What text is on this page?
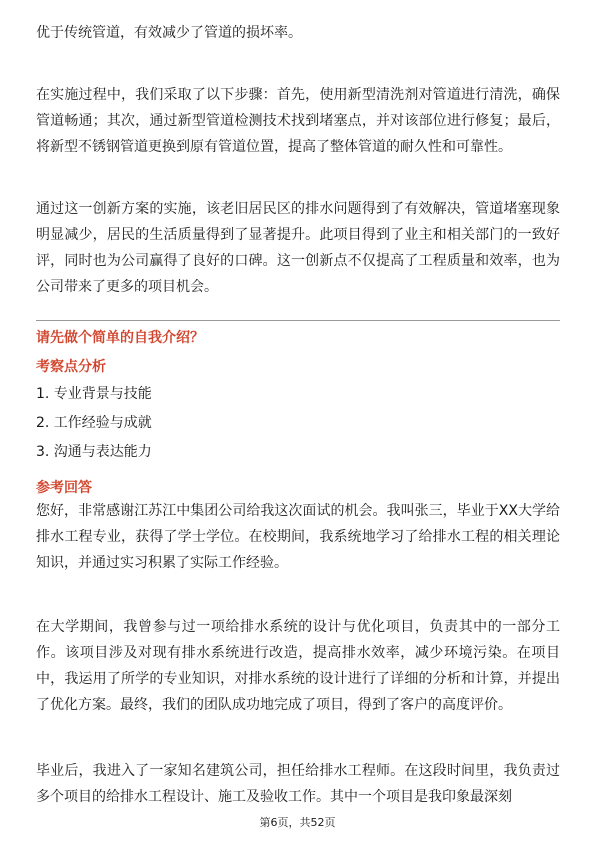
优于传统管道，有效减少了管道的损坏率。

在实施过程中，我们采取了以下步骤：首先，使用新型清洗剂对管道进行清洗，确保管道畅通；其次，通过新型管道检测技术找到堵塞点，并对该部位进行修复；最后，将新型不锈钢管道更换到原有管道位置，提高了整体管道的耐久性和可靠性。

通过这一创新方案的实施，该老旧居民区的排水问题得到了有效解决，管道堵塞现象明显减少，居民的生活质量得到了显著提升。此项目得到了业主和相关部门的一致好评，同时也为公司赢得了良好的口碑。这一创新点不仅提高了工程质量和效率，也为公司带来了更多的项目机会。

请先做个简单的自我介绍？
考察点分析
1. 专业背景与技能
2. 工作经验与成就
3. 沟通与表达能力
参考回答

您好，非常感谢江苏江中集团公司给我这次面试的机会。我叫张三，毕业于XX大学给排水工程专业，获得了学士学位。在校期间，我系统地学习了给排水工程的相关理论知识，并通过实习积累了实际工作经验。

在大学期间，我曾参与过一项给排水系统的设计与优化项目，负责其中的一部分工作。该项目涉及对现有排水系统进行改造，提高排水效率，减少环境污染。在项目中，我运用了所学的专业知识，对排水系统的设计进行了详细的分析和计算，并提出了优化方案。最终，我们的团队成功地完成了项目，得到了客户的高度评价。

毕业后，我进入了一家知名建筑公司，担任给排水工程师。在这段时间里，我负责过多个项目的给排水工程设计、施工及验收工作。其中一个项目是我印象最深刻

第6页，共52页
